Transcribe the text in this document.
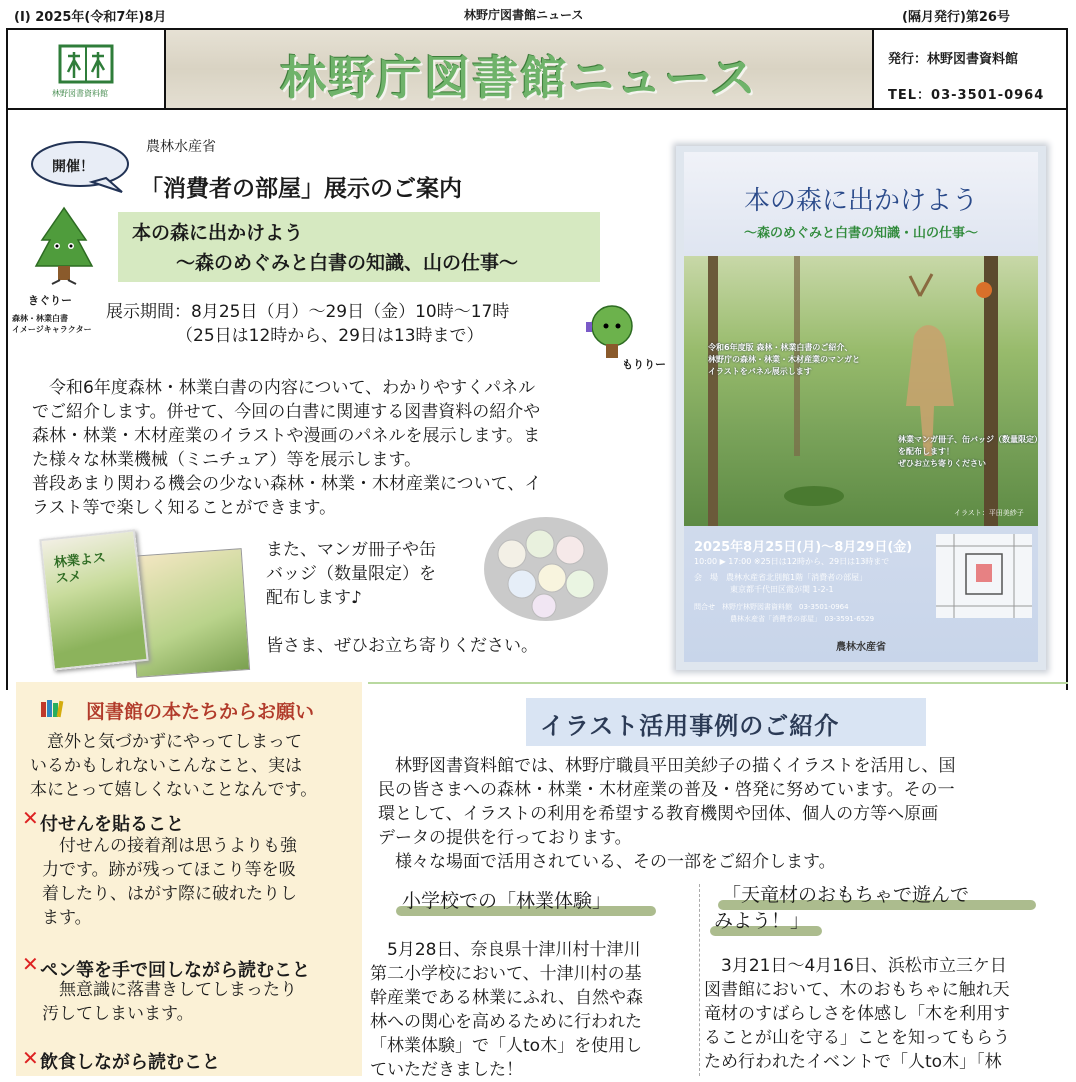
(I) 2025年(令和7年)8月	林野庁図書館ニュース	(隔月発行)第26号
林野図書資料館	林野庁図書館ニュース	発行：林野図書資料館
TEL：03-3501-0964
開催！
農林水産省
「消費者の部屋」展示のご案内
きぐりー
森林・林業白書
イメージキャラクター
本の森に出かけよう
～森のめぐみと白書の知識、山の仕事～
展示期間：8月25日（月）～29日（金）10時～17時
（25日は12時から、29日は13時まで）
もりりー
　令和6年度森林・林業白書の内容について、わかりやすくパネル
でご紹介します。併せて、今回の白書に関連する図書資料の紹介や
森林・林業・木材産業のイラストや漫画のパネルを展示します。ま
た様々な林業機械（ミニチュア）等を展示します。
普段あまり関わる機会の少ない森林・林業・木材産業について、イ
ラスト等で楽しく知ることができます。
林業よススメ
また、マンガ冊子や缶
バッジ（数量限定）を
配布します♪
皆さま、ぜひお立ち寄りください。
本の森に出かけよう
～森のめぐみと白書の知識・山の仕事～
令和6年度版 森林・林業白書のご紹介、
林野庁の森林・林業・木材産業のマンガと
イラストをパネル展示します
林業マンガ冊子、缶バッジ（数量限定）
を配布します！
ぜひお立ち寄りください
イラスト：平田美紗子
2025年8月25日(月)～8月29日(金)
10:00 ▶ 17:00 ※25日は12時から、29日は13時まで
会　場　農林水産省北別館1階「消費者の部屋」
東京都千代田区霞が関 1-2-1
問合せ　林野庁林野図書資料館　03-3501-0964
農林水産省「消費者の部屋」　03-3591-6529
農林水産省
図書館の本たちからお願い
　意外と気づかずにやってしまって
いるかもしれないこんなこと、実は
本にとって嬉しくないことなんです。
✕ 付せんを貼ること
　付せんの接着剤は思うよりも強
力です。跡が残ってほこり等を吸
着したり、はがす際に破れたりし
ます。
✕ ペン等を手で回しながら読むこと
　無意識に落書きしてしまったり
汚してしまいます。
✕ 飲食しながら読むこと
イラスト活用事例のご紹介
　林野図書資料館では、林野庁職員平田美紗子の描くイラストを活用し、国
民の皆さまへの森林・林業・木材産業の普及・啓発に努めています。その一
環として、イラストの利用を希望する教育機関や団体、個人の方等へ原画
データの提供を行っております。
　様々な場面で活用されている、その一部をご紹介します。
小学校での「林業体験」
　5月28日、奈良県十津川村十津川
第二小学校において、十津川村の基
幹産業である林業にふれ、自然や森
林への関心を高めるために行われた
「林業体験」で「人to木」を使用し
ていただきました！
「天竜材のおもちゃで遊んで
みよう！」
　3月21日～4月16日、浜松市立三ケ日
図書館において、木のおもちゃに触れ天
竜材のすばらしさを体感し「木を利用す
ることが山を守る」ことを知ってもらう
ため行われたイベントで「人to木」「林
